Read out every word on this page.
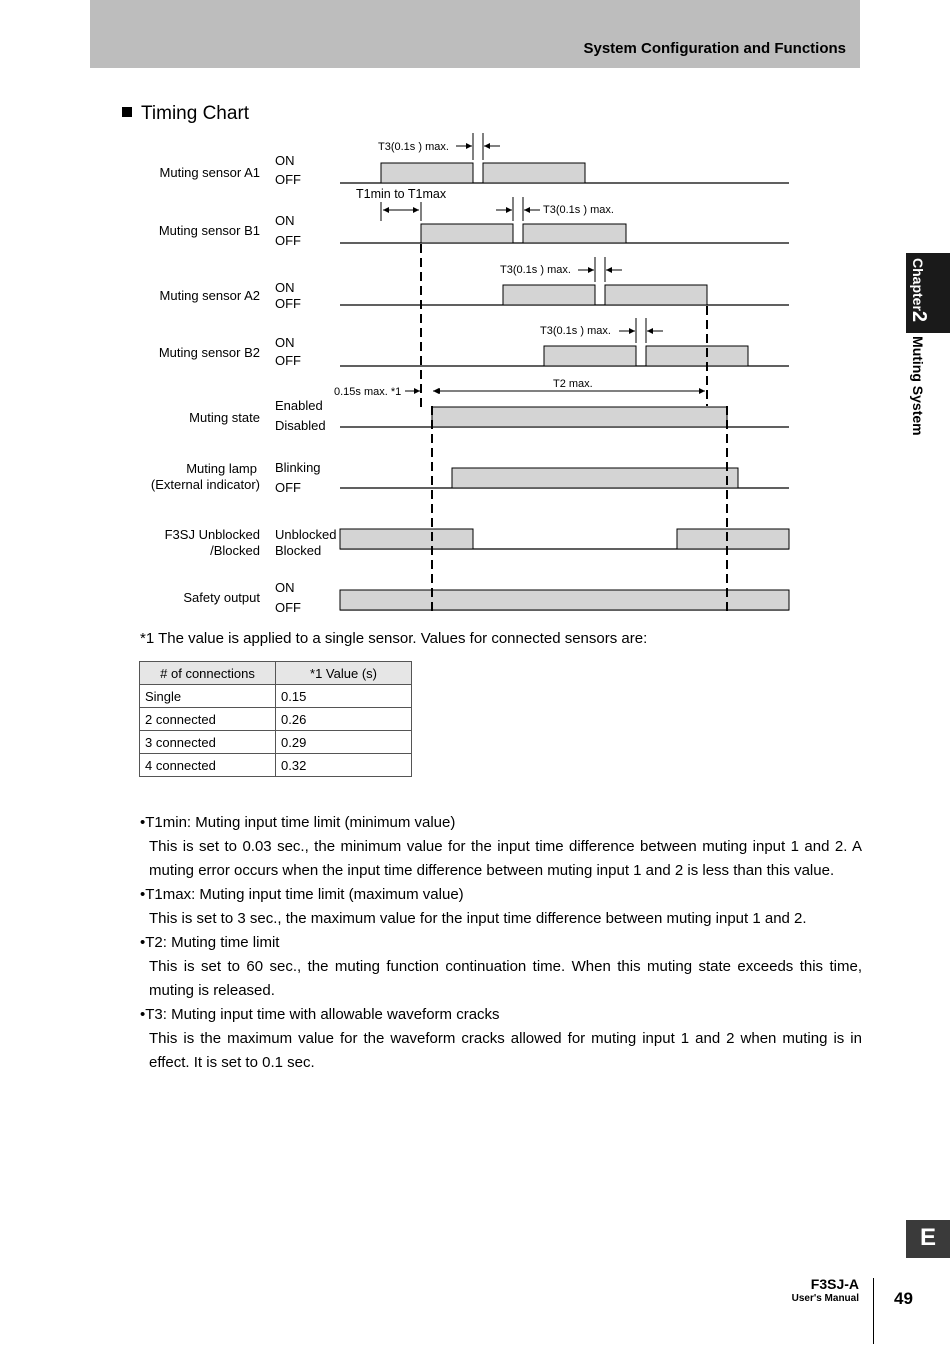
System Configuration and Functions
Timing Chart
Chapter2Muting System
Muting sensor A1
Muting sensor B1
Muting sensor A2
Muting sensor B2
Muting state
Muting lamp
(External indicator)
F3SJ Unblocked
/Blocked
Safety output
ON
OFF
ON
OFF
ON
OFF
ON
OFF
Enabled
Disabled
Blinking
OFF
Unblocked
Blocked
ON
OFF
T3(0.1s ) max.
T1min to T1max
T3(0.1s ) max.
T3(0.1s ) max.
T3(0.1s ) max.
0.15s max. *1
T2 max.
*1 The value is applied to a single sensor. Values for connected sensors are:
# of connections	*1 Value (s)
Single	0.15
2 connected	0.26
3 connected	0.29
4 connected	0.32
•T1min: Muting input time limit (minimum value)
This is set to 0.03 sec., the minimum value for the input time difference between muting input 1 and 2. A muting error occurs when the input time difference between muting input 1 and 2 is less than this value.
•T1max: Muting input time limit (maximum value)
This is set to 3 sec., the maximum value for the input time difference between muting input 1 and 2.
•T2: Muting time limit
This is set to 60 sec., the muting function continuation time. When this muting state exceeds this time, muting is released.
•T3: Muting input time with allowable waveform cracks
This is the maximum value for the waveform cracks allowed for muting input 1 and 2 when muting is in effect. It is set to 0.1 sec.
E
F3SJ-A
User's Manual 49
